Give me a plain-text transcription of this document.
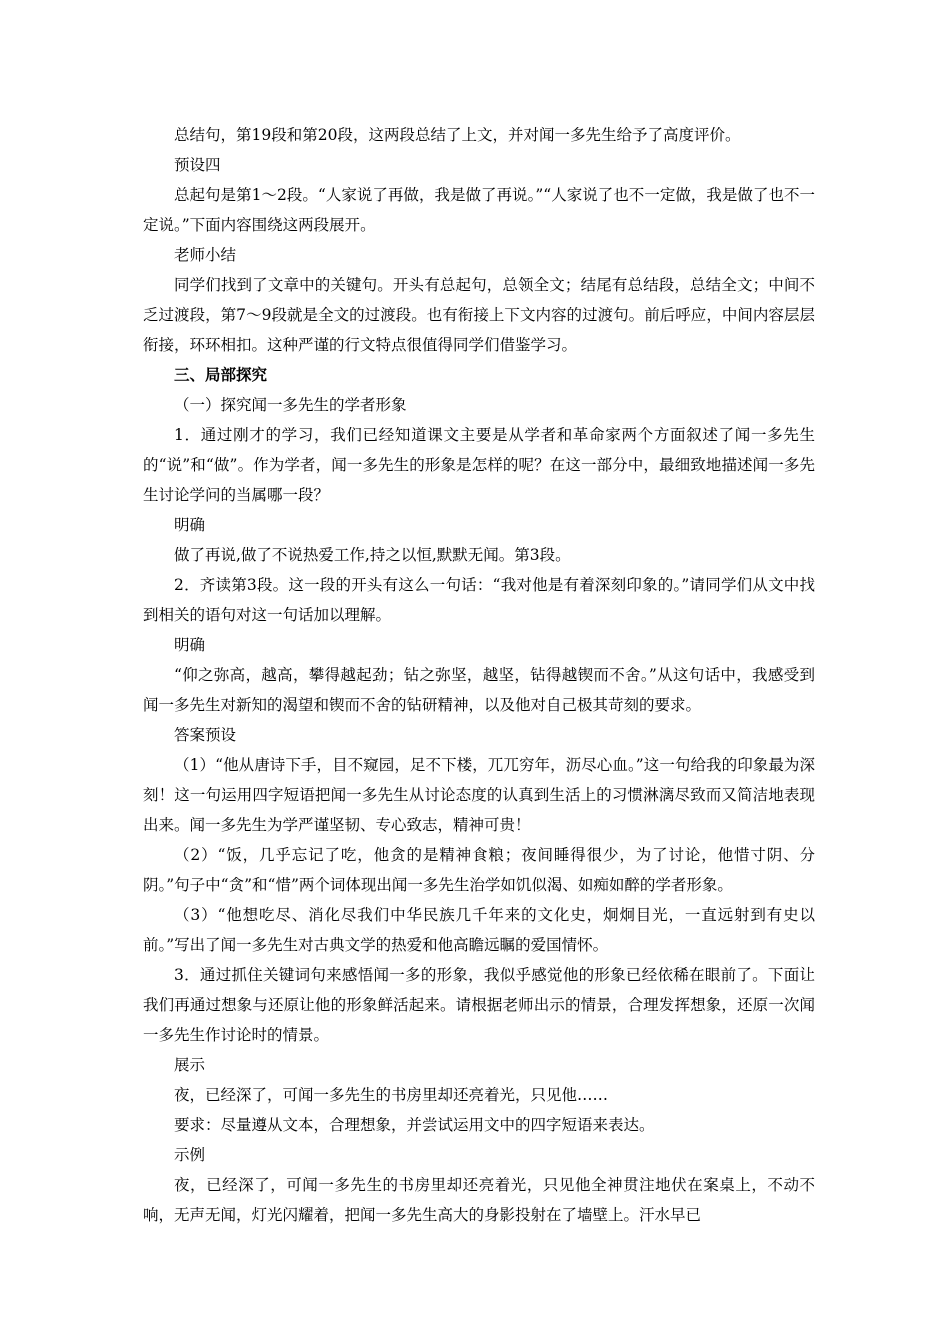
总结句，第19段和第20段，这两段总结了上文，并对闻一多先生给予了高度评价。

预设四

总起句是第1～2段。“人家说了再做，我是做了再说。”“人家说了也不一定做，我是做了也不一定说。”下面内容围绕这两段展开。

老师小结

同学们找到了文章中的关键句。开头有总起句，总领全文；结尾有总结段，总结全文；中间不乏过渡段，第7～9段就是全文的过渡段。也有衔接上下文内容的过渡句。前后呼应，中间内容层层衔接，环环相扣。这种严谨的行文特点很值得同学们借鉴学习。

三、局部探究

（一）探究闻一多先生的学者形象

1．通过刚才的学习，我们已经知道课文主要是从学者和革命家两个方面叙述了闻一多先生的“说”和“做”。作为学者，闻一多先生的形象是怎样的呢？在这一部分中，最细致地描述闻一多先生讨论学问的当属哪一段？

明确

做了再说,做了不说热爱工作,持之以恒,默默无闻。第3段。

2．齐读第3段。这一段的开头有这么一句话：“我对他是有着深刻印象的。”请同学们从文中找到相关的语句对这一句话加以理解。

明确

“仰之弥高，越高，攀得越起劲；钻之弥坚，越坚，钻得越锲而不舍。”从这句话中，我感受到闻一多先生对新知的渴望和锲而不舍的钻研精神，以及他对自己极其苛刻的要求。

答案预设

（1）“他从唐诗下手，目不窥园，足不下楼，兀兀穷年，沥尽心血。”这一句给我的印象最为深刻！这一句运用四字短语把闻一多先生从讨论态度的认真到生活上的习惯淋漓尽致而又简洁地表现出来。闻一多先生为学严谨坚韧、专心致志，精神可贵！

（2）“饭，几乎忘记了吃，他贪的是精神食粮；夜间睡得很少，为了讨论，他惜寸阴、分阴。”句子中“贪”和“惜”两个词体现出闻一多先生治学如饥似渴、如痴如醉的学者形象。

（3）“他想吃尽、消化尽我们中华民族几千年来的文化史，炯炯目光，一直远射到有史以前。”写出了闻一多先生对古典文学的热爱和他高瞻远瞩的爱国情怀。

3．通过抓住关键词句来感悟闻一多的形象，我似乎感觉他的形象已经依稀在眼前了。下面让我们再通过想象与还原让他的形象鲜活起来。请根据老师出示的情景，合理发挥想象，还原一次闻一多先生作讨论时的情景。

展示

夜，已经深了，可闻一多先生的书房里却还亮着光，只见他……

要求：尽量遵从文本，合理想象，并尝试运用文中的四字短语来表达。

示例

夜，已经深了，可闻一多先生的书房里却还亮着光，只见他全神贯注地伏在案桌上，不动不响，无声无闻，灯光闪耀着，把闻一多先生高大的身影投射在了墙壁上。汗水早已
